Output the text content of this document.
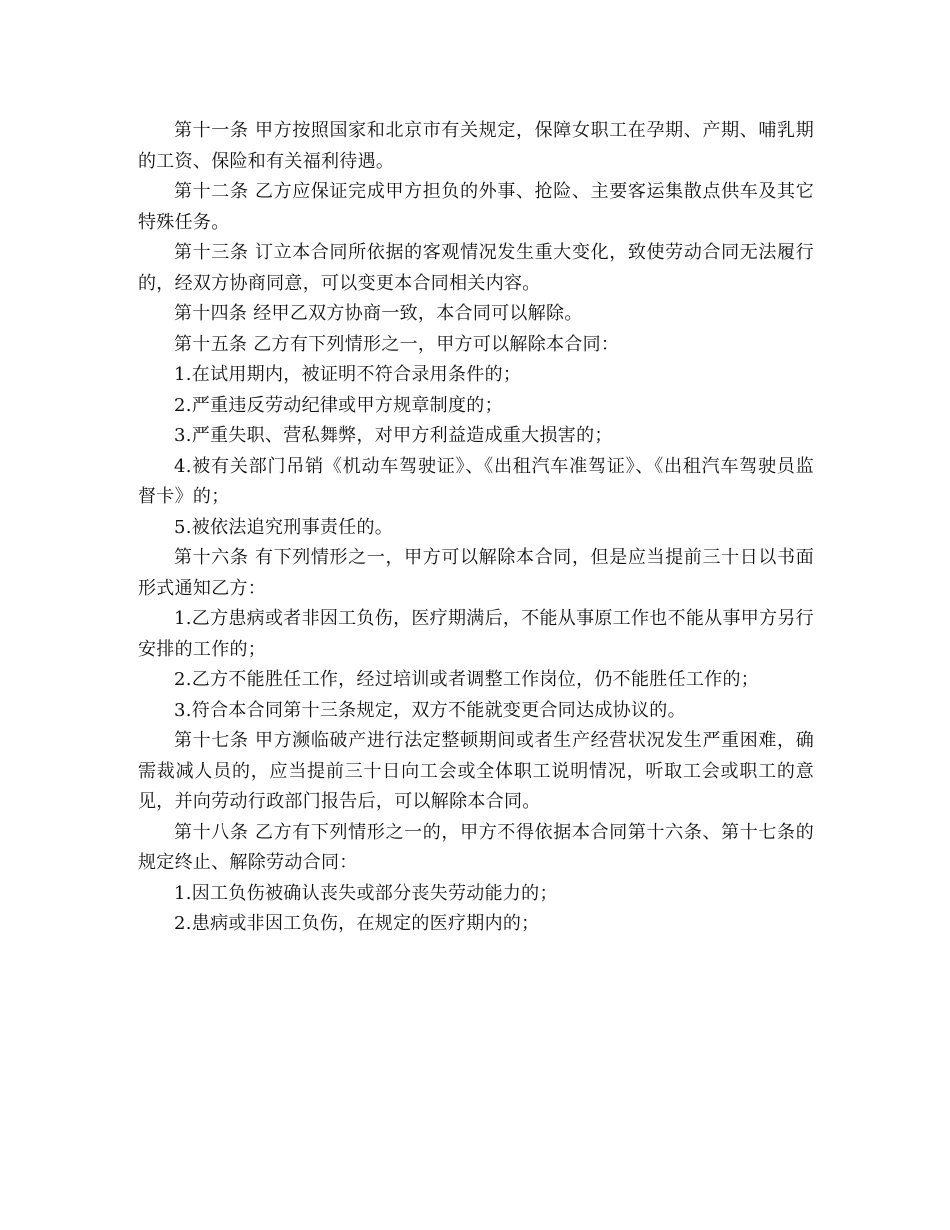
第十一条 甲方按照国家和北京市有关规定，保障女职工在孕期、产期、哺乳期的工资、保险和有关福利待遇。

第十二条 乙方应保证完成甲方担负的外事、抢险、主要客运集散点供车及其它特殊任务。

第十三条 订立本合同所依据的客观情况发生重大变化，致使劳动合同无法履行的，经双方协商同意，可以变更本合同相关内容。

第十四条 经甲乙双方协商一致，本合同可以解除。

第十五条 乙方有下列情形之一，甲方可以解除本合同：

1.在试用期内，被证明不符合录用条件的；

2.严重违反劳动纪律或甲方规章制度的；

3.严重失职、营私舞弊，对甲方利益造成重大损害的；

4.被有关部门吊销《机动车驾驶证》、《出租汽车准驾证》、《出租汽车驾驶员监督卡》的；

5.被依法追究刑事责任的。

第十六条 有下列情形之一，甲方可以解除本合同，但是应当提前三十日以书面形式通知乙方：

1.乙方患病或者非因工负伤，医疗期满后，不能从事原工作也不能从事甲方另行安排的工作的；

2.乙方不能胜任工作，经过培训或者调整工作岗位，仍不能胜任工作的；

3.符合本合同第十三条规定，双方不能就变更合同达成协议的。

第十七条 甲方濒临破产进行法定整顿期间或者生产经营状况发生严重困难，确需裁减人员的，应当提前三十日向工会或全体职工说明情况，听取工会或职工的意见，并向劳动行政部门报告后，可以解除本合同。

第十八条 乙方有下列情形之一的，甲方不得依据本合同第十六条、第十七条的规定终止、解除劳动合同：

1.因工负伤被确认丧失或部分丧失劳动能力的；

2.患病或非因工负伤，在规定的医疗期内的；
